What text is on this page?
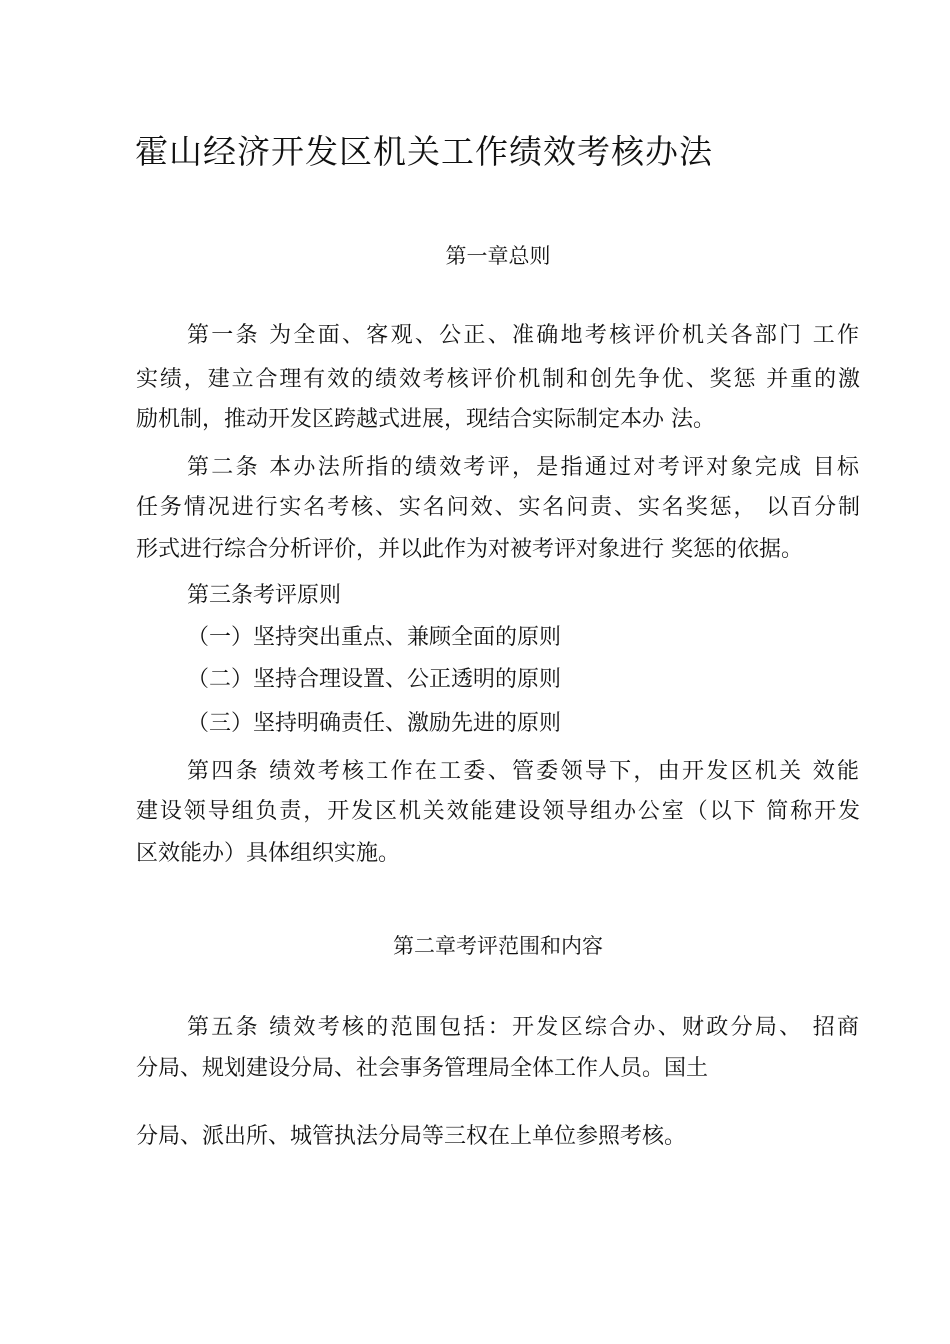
霍山经济开发区机关工作绩效考核办法
第一章总则
第一条 为全面、客观、公正、准确地考核评价机关各部门 工作
实绩，建立合理有效的绩效考核评价机制和创先争优、奖惩 并重的激
励机制，推动开发区跨越式进展，现结合实际制定本办 法。
第二条 本办法所指的绩效考评，是指通过对考评对象完成 目标
任务情况进行实名考核、实名问效、实名问责、实名奖惩， 以百分制
形式进行综合分析评价，并以此作为对被考评对象进行 奖惩的依据。
第三条考评原则
（一）坚持突出重点、兼顾全面的原则
（二）坚持合理设置、公正透明的原则
（三）坚持明确责任、激励先进的原则
第四条 绩效考核工作在工委、管委领导下，由开发区机关 效能
建设领导组负责，开发区机关效能建设领导组办公室（以下 简称开发
区效能办）具体组织实施。
第二章考评范围和内容
第五条 绩效考核的范围包括：开发区综合办、财政分局、 招商
分局、规划建设分局、社会事务管理局全体工作人员。国土
分局、派出所、城管执法分局等三权在上单位参照考核。
